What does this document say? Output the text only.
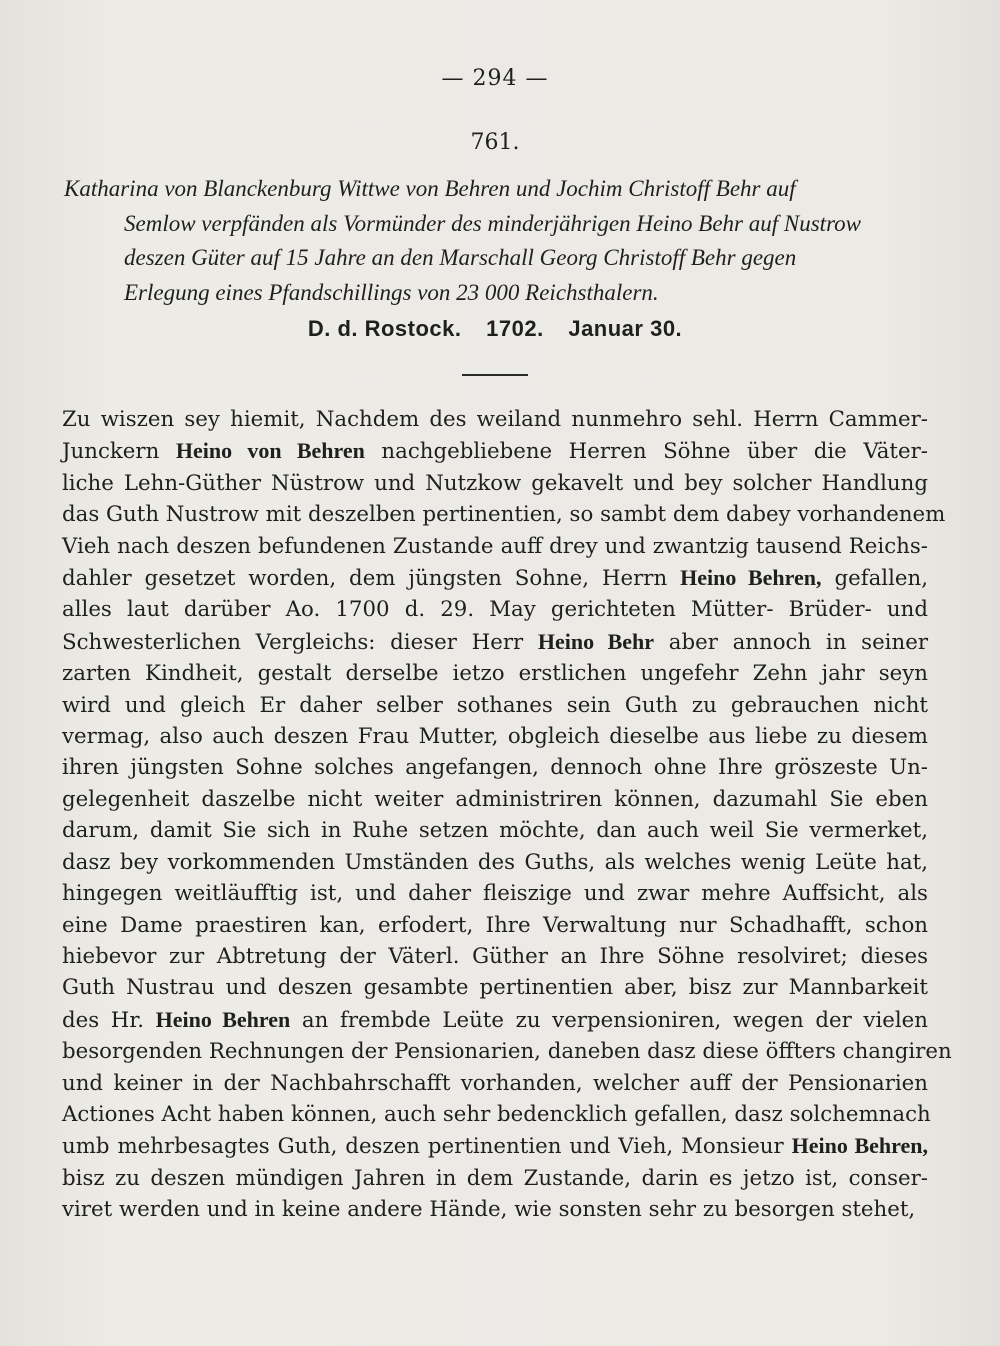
— 294 —
761.
Katharina von Blanckenburg Wittwe von Behren und Jochim Christoff Behr auf
Semlow verpfänden als Vormünder des minderjährigen Heino Behr auf Nustrow
deszen Güter auf 15 Jahre an den Marschall Georg Christoff Behr gegen
Erlegung eines Pfandschillings von 23 000 Reichsthalern.
D. d. Rostock. 1702. Januar 30.
Zu wiszen sey hiemit, Nachdem des weiland nunmehro sehl. Herrn Cammer-
Junckern Heino von Behren nachgebliebene Herren Söhne über die Väter-
liche Lehn-Güther Nüstrow und Nutzkow gekavelt und bey solcher Handlung
das Guth Nustrow mit deszelben pertinentien, so sambt dem dabey vorhandenem
Vieh nach deszen befundenen Zustande auff drey und zwantzig tausend Reichs-
dahler gesetzet worden, dem jüngsten Sohne, Herrn Heino Behren, gefallen,
alles laut darüber Ao. 1700 d. 29. May gerichteten Mütter- Brüder- und
Schwesterlichen Vergleichs: dieser Herr Heino Behr aber annoch in seiner
zarten Kindheit, gestalt derselbe ietzo erstlichen ungefehr Zehn jahr seyn
wird und gleich Er daher selber sothanes sein Guth zu gebrauchen nicht
vermag, also auch deszen Frau Mutter, obgleich dieselbe aus liebe zu diesem
ihren jüngsten Sohne solches angefangen, dennoch ohne Ihre gröszeste Un-
gelegenheit daszelbe nicht weiter administriren können, dazumahl Sie eben
darum, damit Sie sich in Ruhe setzen möchte, dan auch weil Sie vermerket,
dasz bey vorkommenden Umständen des Guths, als welches wenig Leüte hat,
hingegen weitläufftig ist, und daher fleiszige und zwar mehre Auffsicht, als
eine Dame praestiren kan, erfodert, Ihre Verwaltung nur Schadhafft, schon
hiebevor zur Abtretung der Väterl. Güther an Ihre Söhne resolviret; dieses
Guth Nustrau und deszen gesambte pertinentien aber, bisz zur Mannbarkeit
des Hr. Heino Behren an frembde Leüte zu verpensioniren, wegen der vielen
besorgenden Rechnungen der Pensionarien, daneben dasz diese öffters changiren
und keiner in der Nachbahrschafft vorhanden, welcher auff der Pensionarien
Actiones Acht haben können, auch sehr bedencklich gefallen, dasz solchemnach
umb mehrbesagtes Guth, deszen pertinentien und Vieh, Monsieur Heino Behren,
bisz zu deszen mündigen Jahren in dem Zustande, darin es jetzo ist, conser-
viret werden und in keine andere Hände, wie sonsten sehr zu besorgen stehet,
